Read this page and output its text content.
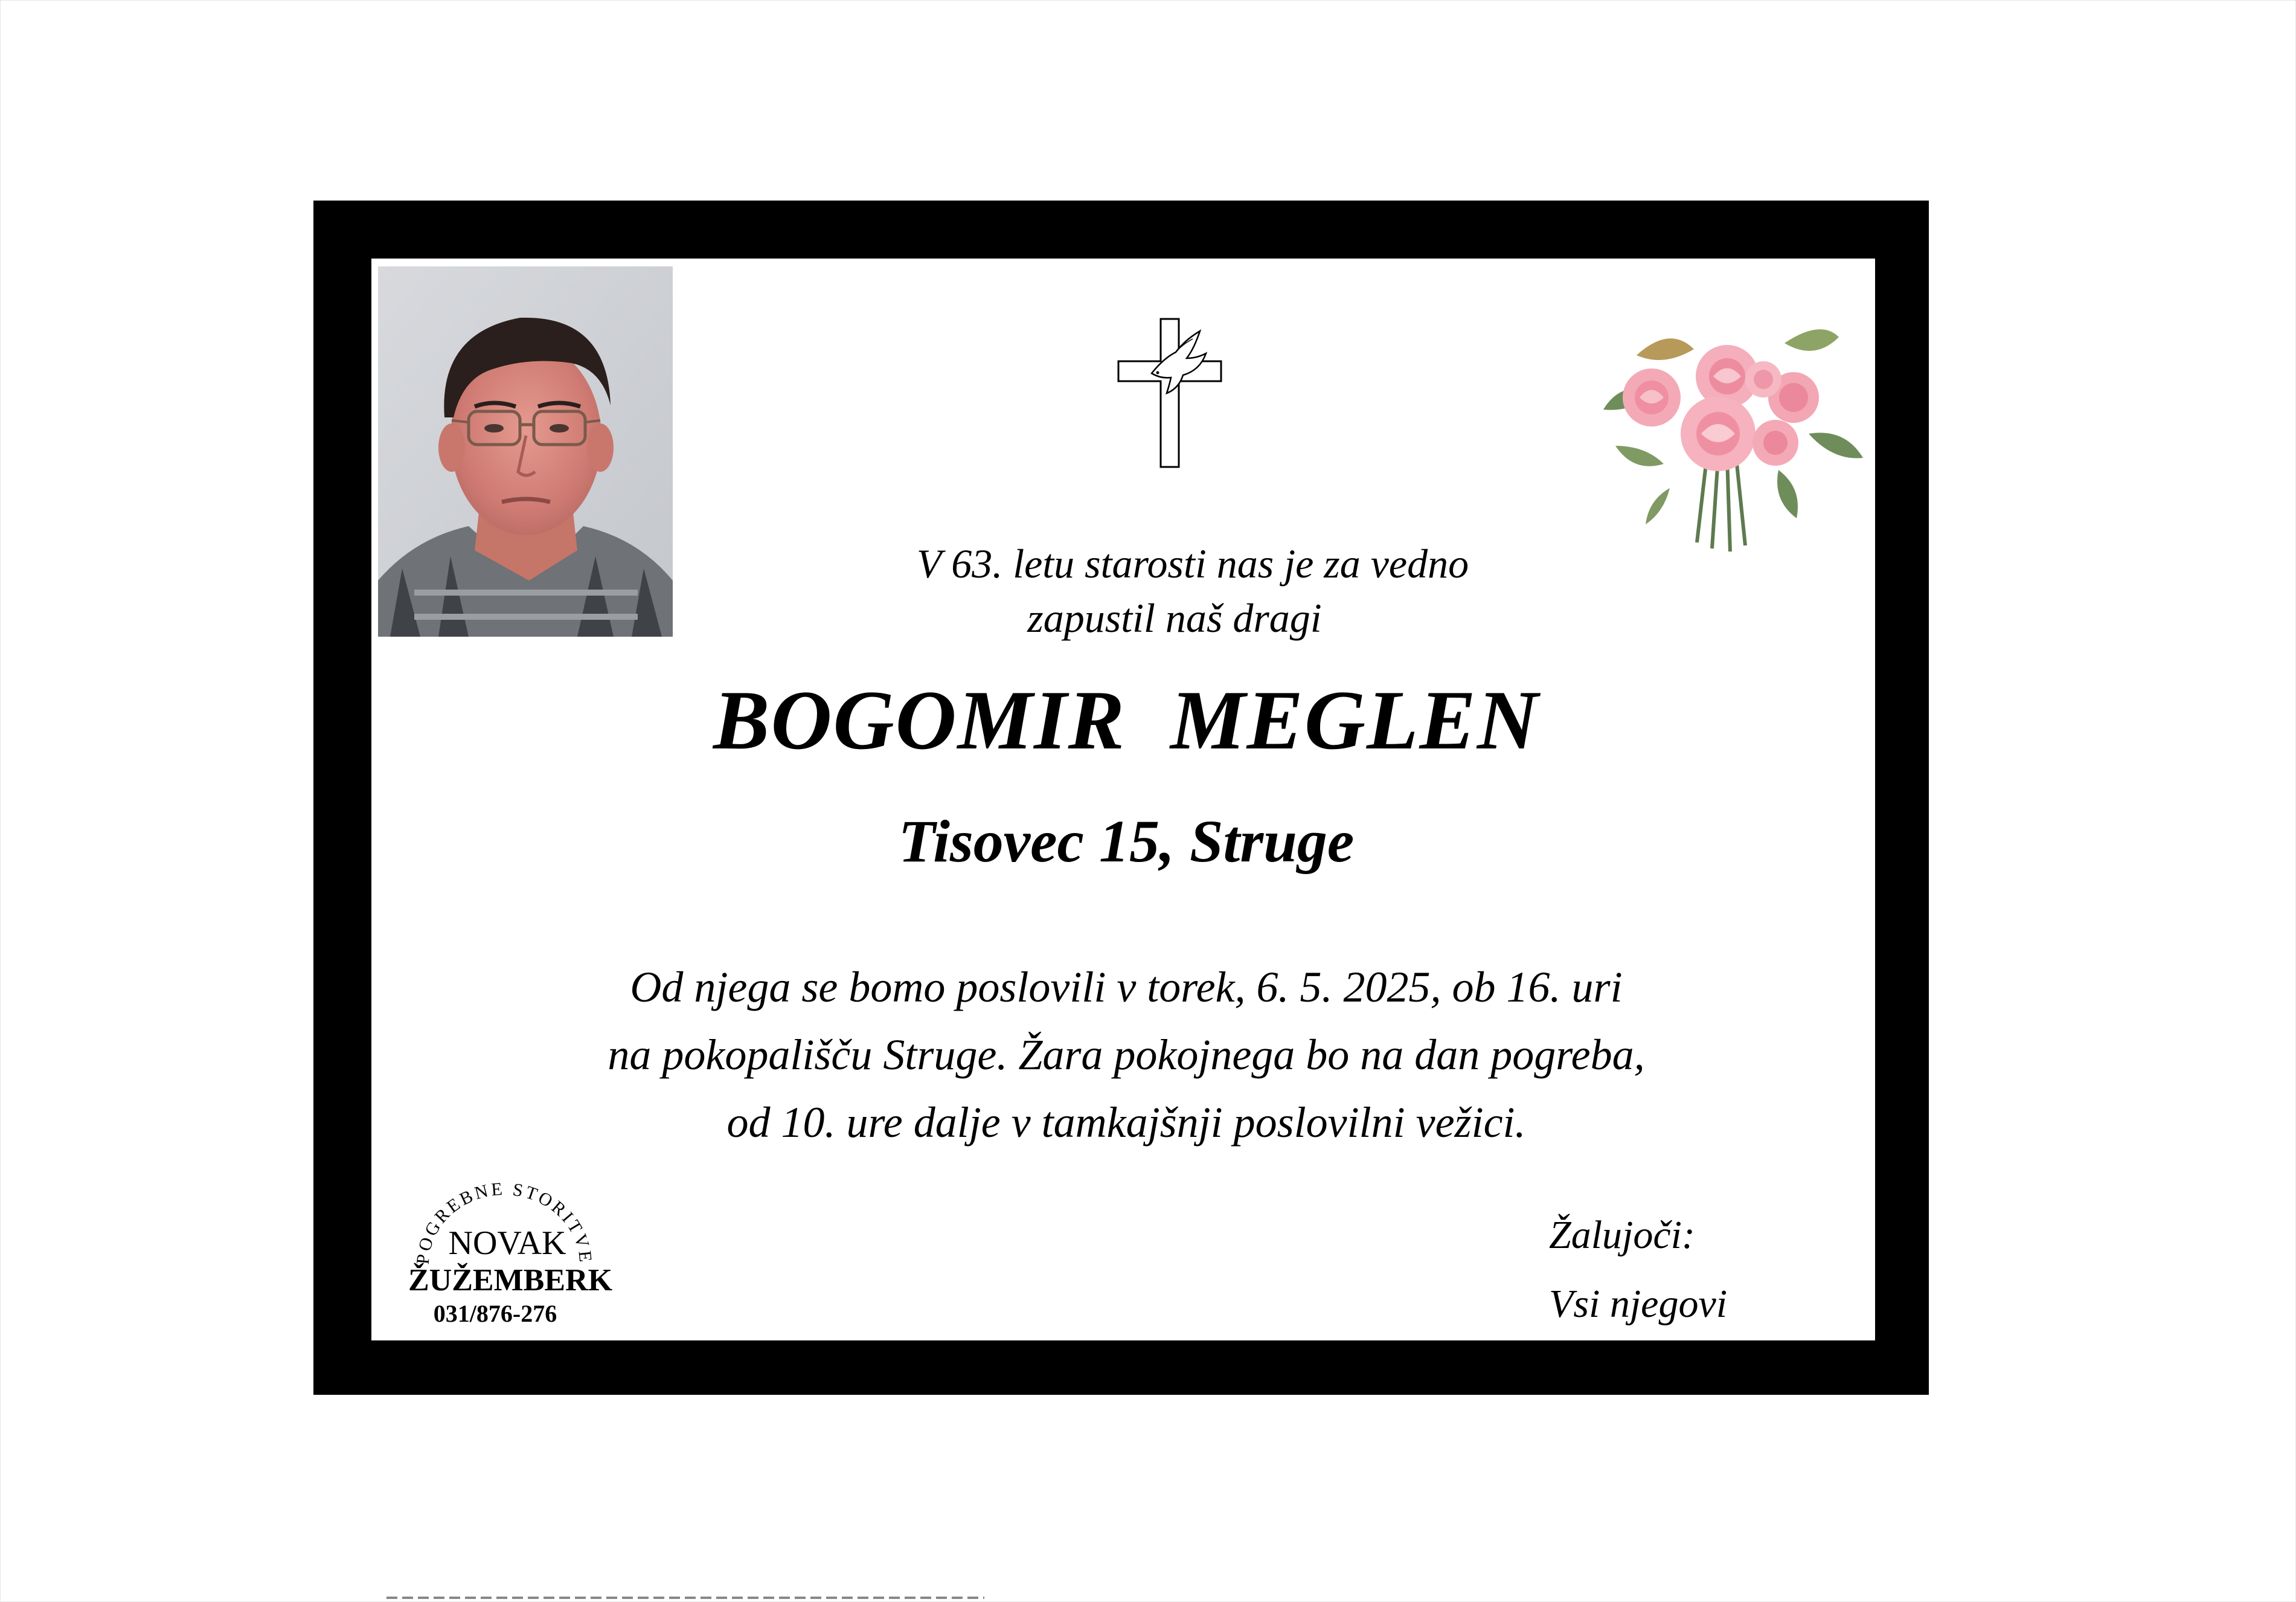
V 63. letu starosti nas je za vedno
zapustil naš dragi
BOGOMIR  MEGLEN
Tisovec 15, Struge
Od njega se bomo poslovili v torek, 6. 5. 2025, ob 16. uri
na pokopališču Struge. Žara pokojnega bo na dan pogreba,
od 10. ure dalje v tamkajšnji poslovilni vežici.
Žalujoči:
Vsi njegovi
POGREBNE STORITVE
NOVAK
ŽUŽEMBERK
031/876-276
